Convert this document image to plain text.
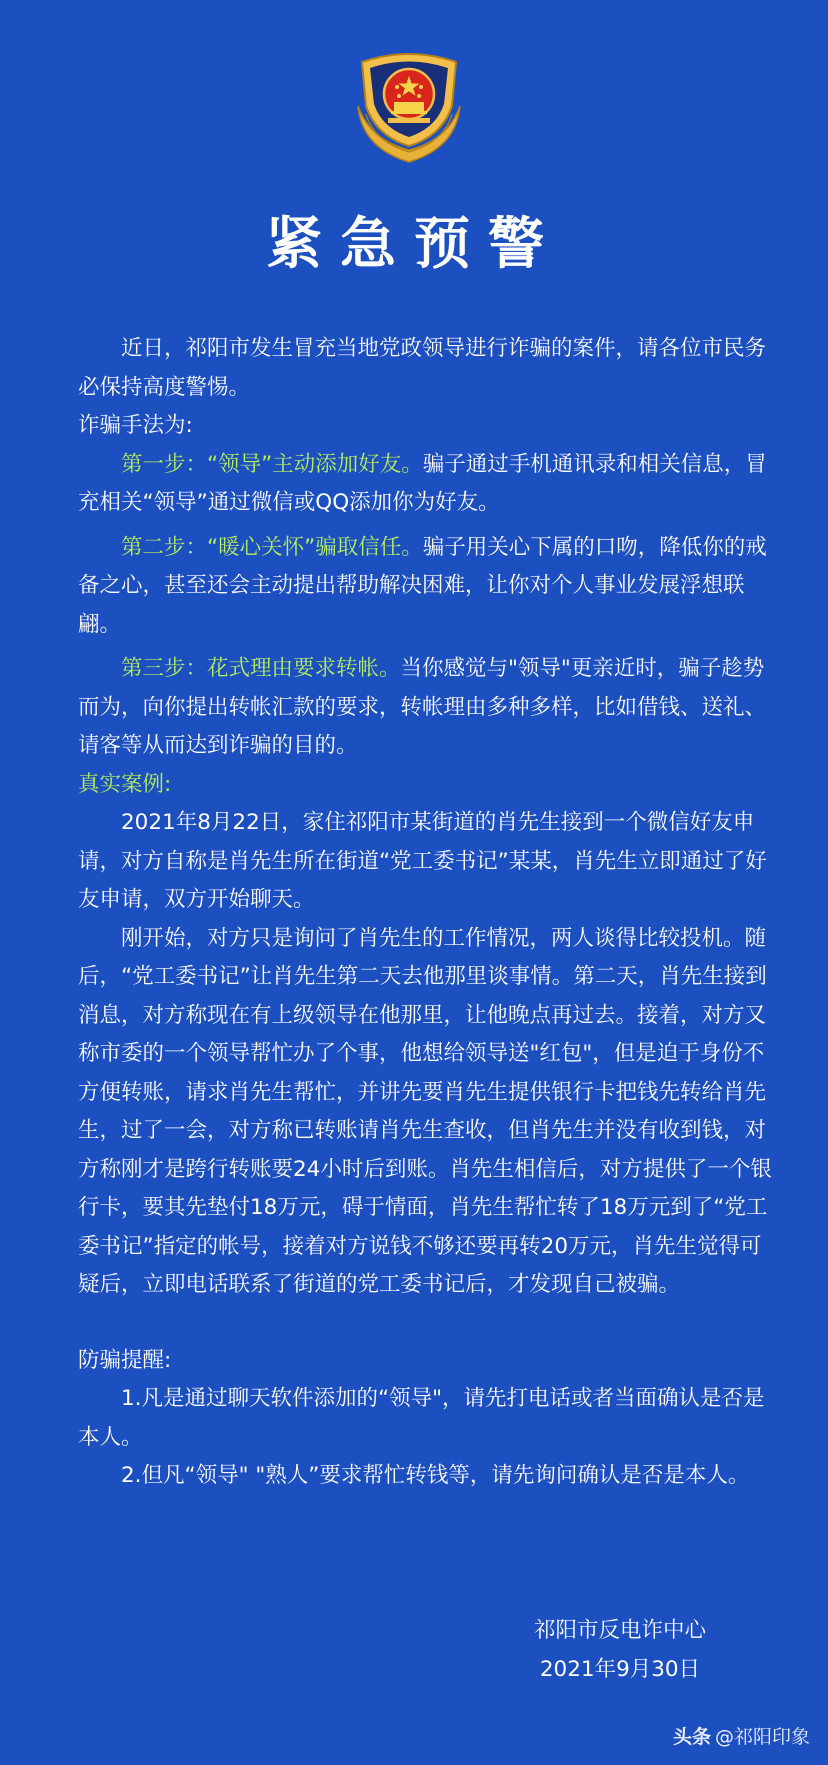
紧急预警

近日，祁阳市发生冒充当地党政领导进行诈骗的案件，请各位市民务必保持高度警惕。

诈骗手法为:

第一步：“领导”主动添加好友。骗子通过手机通讯录和相关信息，冒充相关“领导”通过微信或QQ添加你为好友。

第二步：“暖心关怀”骗取信任。骗子用关心下属的口吻，降低你的戒备之心，甚至还会主动提出帮助解决困难，让你对个人事业发展浮想联翩。

第三步：花式理由要求转帐。当你感觉与"领导"更亲近时，骗子趁势而为，向你提出转帐汇款的要求，转帐理由多种多样，比如借钱、送礼、请客等从而达到诈骗的目的。

真实案例:

2021年8月22日，家住祁阳市某街道的肖先生接到一个微信好友申请，对方自称是肖先生所在街道“党工委书记”某某，肖先生立即通过了好友申请，双方开始聊天。

刚开始，对方只是询问了肖先生的工作情况，两人谈得比较投机。随后，“党工委书记”让肖先生第二天去他那里谈事情。第二天，肖先生接到消息，对方称现在有上级领导在他那里，让他晚点再过去。接着，对方又称市委的一个领导帮忙办了个事，他想给领导送"红包"，但是迫于身份不方便转账，请求肖先生帮忙，并讲先要肖先生提供银行卡把钱先转给肖先生，过了一会，对方称已转账请肖先生查收，但肖先生并没有收到钱，对方称刚才是跨行转账要24小时后到账。肖先生相信后，对方提供了一个银行卡，要其先垫付18万元，碍于情面，肖先生帮忙转了18万元到了“党工委书记”指定的帐号，接着对方说钱不够还要再转20万元，肖先生觉得可疑后，立即电话联系了街道的党工委书记后，才发现自己被骗。

防骗提醒:

1.凡是通过聊天软件添加的“领导"，请先打电话或者当面确认是否是本人。

2.但凡“领导" "熟人”要求帮忙转钱等，请先询问确认是否是本人。

祁阳市反电诈中心
2021年9月30日
头条 @祁阳印象
